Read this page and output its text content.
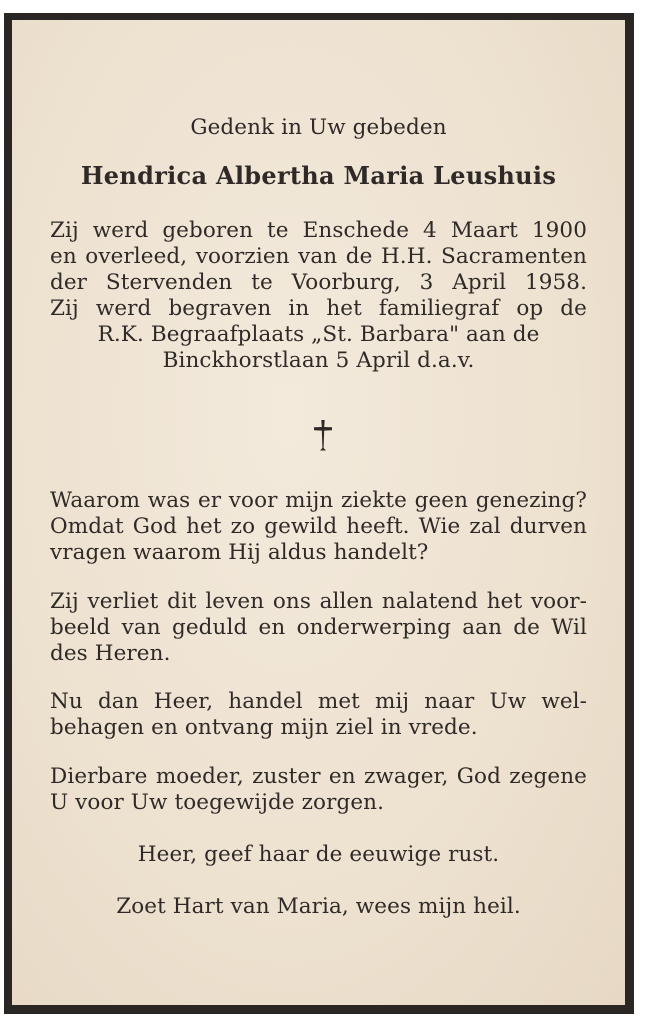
Gedenk in Uw gebeden
Hendrica Albertha Maria Leushuis
Zij werd geboren te Enschede 4 Maart 1900
en overleed, voorzien van de H.H. Sacramenten
der Stervenden te Voorburg, 3 April 1958.
Zij werd begraven in het familiegraf op de
R.K. Begraafplaats „St. Barbara" aan de
Binckhorstlaan 5 April d.a.v.
Waarom was er voor mijn ziekte geen genezing?
Omdat God het zo gewild heeft. Wie zal durven
vragen waarom Hij aldus handelt?
Zij verliet dit leven ons allen nalatend het voor-
beeld van geduld en onderwerping aan de Wil
des Heren.
Nu dan Heer, handel met mij naar Uw wel-
behagen en ontvang mijn ziel in vrede.
Dierbare moeder, zuster en zwager, God zegene
U voor Uw toegewijde zorgen.
Heer, geef haar de eeuwige rust.
Zoet Hart van Maria, wees mijn heil.
